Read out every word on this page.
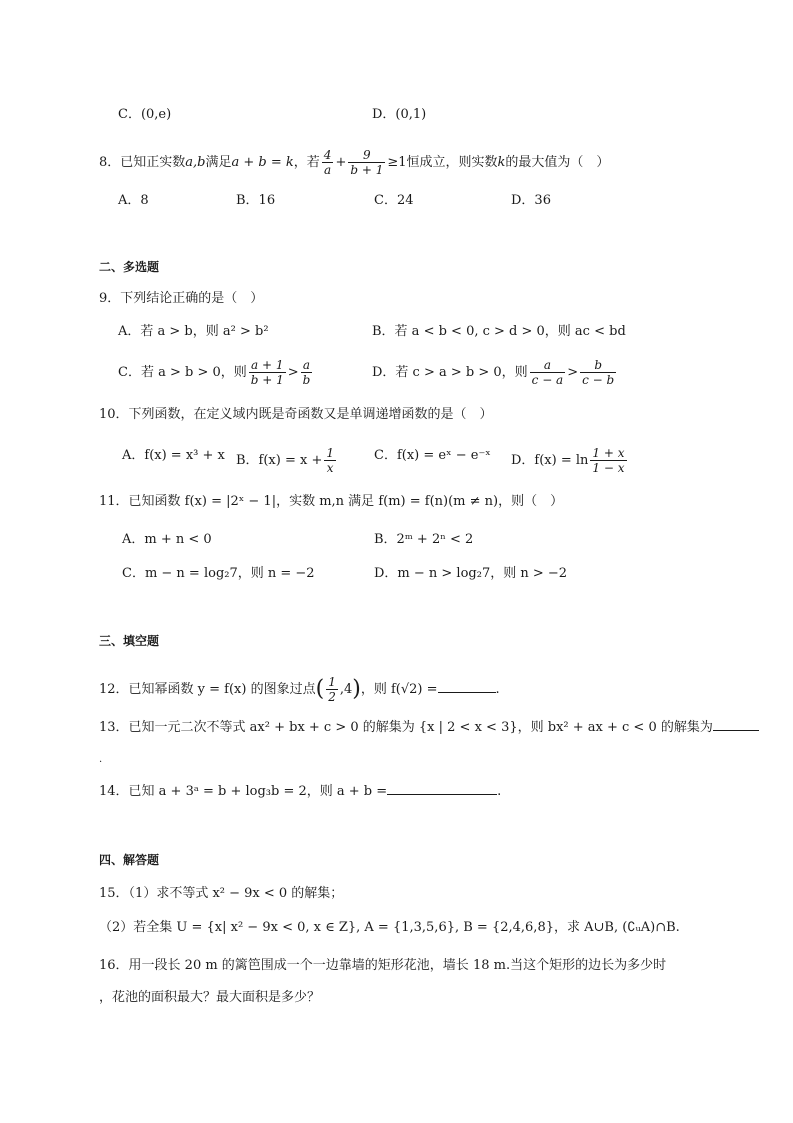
C．(0,e)	D．(0,1)
8．已知正实数a,b满足a + b = k，若 $\frac{4}{a} + \frac{9}{b + 1} \ge 1$恒成立，则实数k的最大值为（　）
A．8	B．16	C．24	D．36
二、多选题
9．下列结论正确的是（　）
A．若 a > b，则 a² > b²	B．若 a < b < 0, c > d > 0，则 ac < bd
C．若 a > b > 0，则 $\frac{a + 1}{b + 1} > \frac{a}{b}$	D．若 c > a > b > 0，则 $\frac{a}{c - a} > \frac{b}{c - b}$
10．下列函数，在定义域内既是奇函数又是单调递增函数的是（　）
A．f(x) = x³ + x B．$f(x) = x + \frac{1}{x}$	C．f(x) = eˣ − e⁻ˣ D．$f(x) = \ln \frac{1 + x}{1 - x}$
11．已知函数 f(x) = |2ˣ − 1|，实数 m,n 满足 f(m) = f(n)(m ≠ n)，则（　）
A．m + n < 0	B．2ᵐ + 2ⁿ < 2
C．m − n = log₂7，则 n = −2	D．m − n > log₂7，则 n > −2
三、填空题
12．已知幂函数 y = f(x) 的图象过点( $\frac{1}{2} ,4$)，则 f(√2) =	.
13．已知一元二次不等式 ax² + bx + c > 0 的解集为 {x | 2 < x < 3}，则 bx² + ax + c < 0 的解集为
.
14．已知 a + 3ᵃ = b + log₃b = 2，则 a + b =	.
四、解答题
15．（1）求不等式 x² − 9x < 0 的解集；
（2）若全集 U = {x| x² − 9x < 0, x ∈ Z}, A = {1,3,5,6}, B = {2,4,6,8}，求 A∪B, (∁ᵤA)∩B.
16．用一段长 20 m 的篱笆围成一个一边靠墙的矩形花池，墙长 18 m.当这个矩形的边长为多少时
，花池的面积最大？最大面积是多少？
